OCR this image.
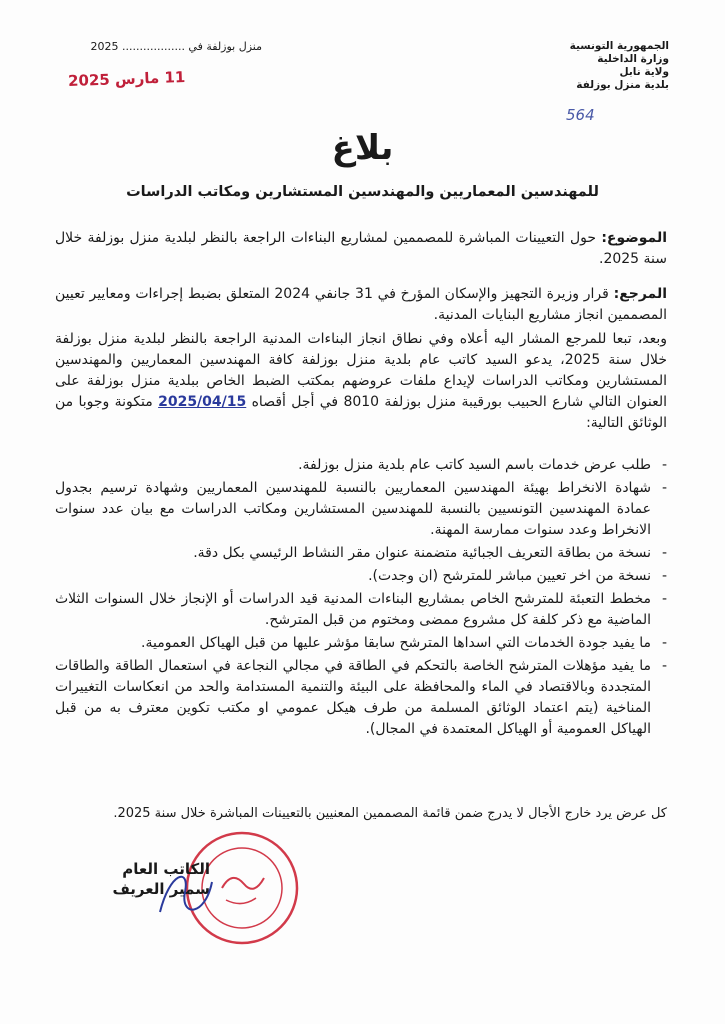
منزل بوزلفة في .................. 2025	الجمهورية التونسية
وزارة الداخلية
ولاية نابل
بلدية منزل بوزلفة
11 مارس 2025
564
بلاغ
للمهندسين المعماريين والمهندسين المستشارين ومكاتب الدراسات
الموضوع: حول التعيينات المباشرة للمصممين لمشاريع البناءات الراجعة بالنظر لبلدية منزل بوزلفة خلال سنة 2025.
المرجع: قرار وزيرة التجهيز والإسكان المؤرخ في 31 جانفي 2024 المتعلق بضبط إجراءات ومعايير تعيين المصممين انجاز مشاريع البنايات المدنية.
وبعد، تبعا للمرجع المشار اليه أعلاه وفي نطاق انجاز البناءات المدنية الراجعة بالنظر لبلدية منزل بوزلفة خلال سنة 2025، يدعو السيد كاتب عام بلدية منزل بوزلفة كافة المهندسين المعماريين والمهندسين المستشارين ومكاتب الدراسات لإيداع ملفات عروضهم بمكتب الضبط الخاص ببلدية منزل بوزلفة على العنوان التالي شارع الحبيب بورقيبة منزل بوزلفة 8010 في أجل أقصاه 2025/04/15 متكونة وجوبا من الوثائق التالية:
- طلب عرض خدمات باسم السيد كاتب عام بلدية منزل بوزلفة.
- شهادة الانخراط بهيئة المهندسين المعماريين بالنسبة للمهندسين المعماريين وشهادة ترسيم بجدول عمادة المهندسين التونسيين بالنسبة للمهندسين المستشارين ومكاتب الدراسات مع بيان عدد سنوات الانخراط وعدد سنوات ممارسة المهنة.
- نسخة من بطاقة التعريف الجبائية متضمنة عنوان مقر النشاط الرئيسي بكل دقة.
- نسخة من اخر تعيين مباشر للمترشح (ان وجدت).
- مخطط التعبئة للمترشح الخاص بمشاريع البناءات المدنية قيد الدراسات أو الإنجاز خلال السنوات الثلاث الماضية مع ذكر كلفة كل مشروع ممضى ومختوم من قبل المترشح.
- ما يفيد جودة الخدمات التي اسداها المترشح سابقا مؤشر عليها من قبل الهياكل العمومية.
- ما يفيد مؤهلات المترشح الخاصة بالتحكم في الطاقة في مجالي النجاعة في استعمال الطاقة والطاقات المتجددة وبالاقتصاد في الماء والمحافظة على البيئة والتنمية المستدامة والحد من انعكاسات التغييرات المناخية (يتم اعتماد الوثائق المسلمة من طرف هيكل عمومي او مكتب تكوين معترف به من قبل الهياكل العمومية أو الهياكل المعتمدة في المجال).
كل عرض يرد خارج الأجال لا يدرج ضمن قائمة المصممين المعنيين بالتعيينات المباشرة خلال سنة 2025.
الكاتب العام
سمير العريف
